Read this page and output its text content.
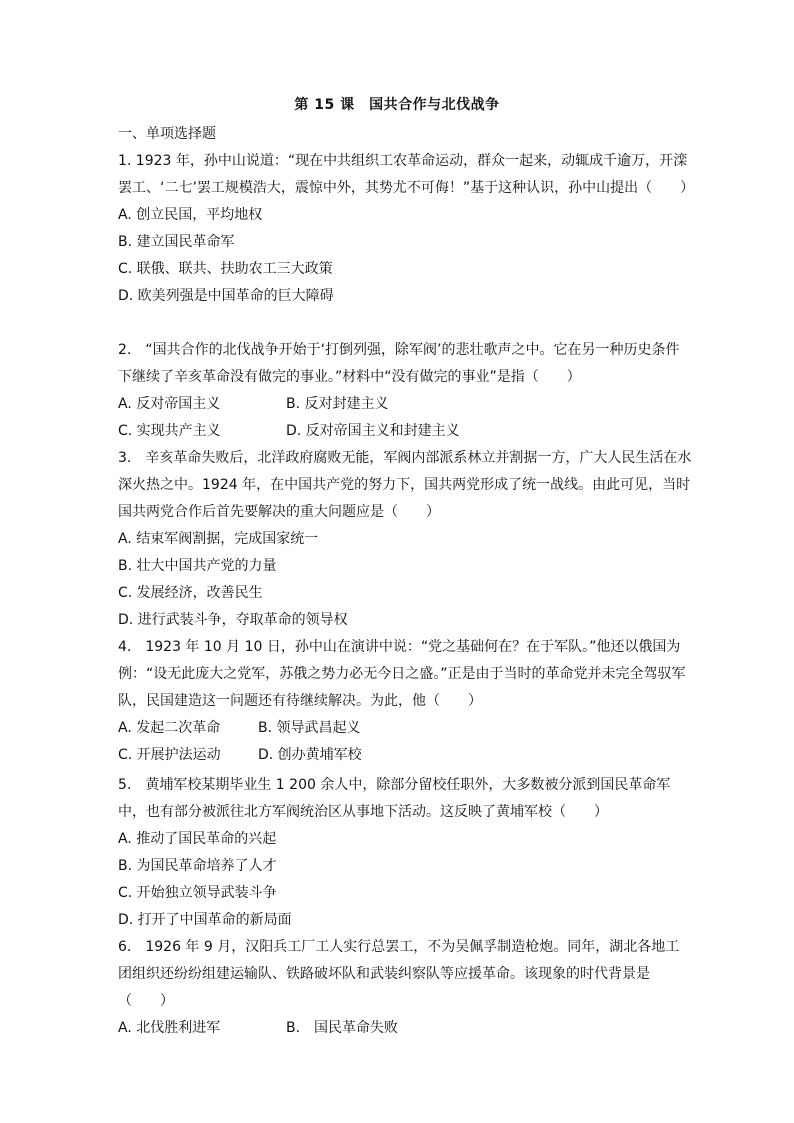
第 15 课　国共合作与北伐战争
一、单项选择题

1. 1923 年，孙中山说道：“现在中共组织工农革命运动，群众一起来，动辄成千逾万，开滦罢工、‘二七’罢工规模浩大，震惊中外，其势尤不可侮！”基于这种认识，孙中山提出（　　）

A. 创立民国，平均地权
B. 建立国民革命军
C. 联俄、联共、扶助农工三大政策
D. 欧美列强是中国革命的巨大障碍

2.　“国共合作的北伐战争开始于‘打倒列强，除军阀’的悲壮歌声之中。它在另一种历史条件下继续了辛亥革命没有做完的事业。”材料中“没有做完的事业”是指（　　）

A. 反对帝国主义	B. 反对封建主义
C. 实现共产主义	D. 反对帝国主义和封建主义

3.　辛亥革命失败后，北洋政府腐败无能，军阀内部派系林立并割据一方，广大人民生活在水深火热之中。1924 年，在中国共产党的努力下，国共两党形成了统一战线。由此可见，当时国共两党合作后首先要解决的重大问题应是（　　）

A. 结束军阀割据，完成国家统一
B. 壮大中国共产党的力量
C. 发展经济，改善民生
D. 进行武装斗争，夺取革命的领导权

4.　1923 年 10 月 10 日，孙中山在演讲中说：“党之基础何在？在于军队。”他还以俄国为例：“设无此庞大之党军，苏俄之势力必无今日之盛。”正是由于当时的革命党并未完全驾驭军队，民国建造这一问题还有待继续解决。为此，他（　　）

A. 发起二次革命	B. 领导武昌起义
C. 开展护法运动	D. 创办黄埔军校

5.　黄埔军校某期毕业生 1 200 余人中，除部分留校任职外，大多数被分派到国民革命军中，也有部分被派往北方军阀统治区从事地下活动。这反映了黄埔军校（　　）

A. 推动了国民革命的兴起
B. 为国民革命培养了人才
C. 开始独立领导武装斗争
D. 打开了中国革命的新局面

6.　1926 年 9 月，汉阳兵工厂工人实行总罢工，不为吴佩孚制造枪炮。同年，湖北各地工团组织还纷纷组建运输队、铁路破坏队和武装纠察队等应援革命。该现象的时代背景是（　　）

A. 北伐胜利进军	B.　国民革命失败
